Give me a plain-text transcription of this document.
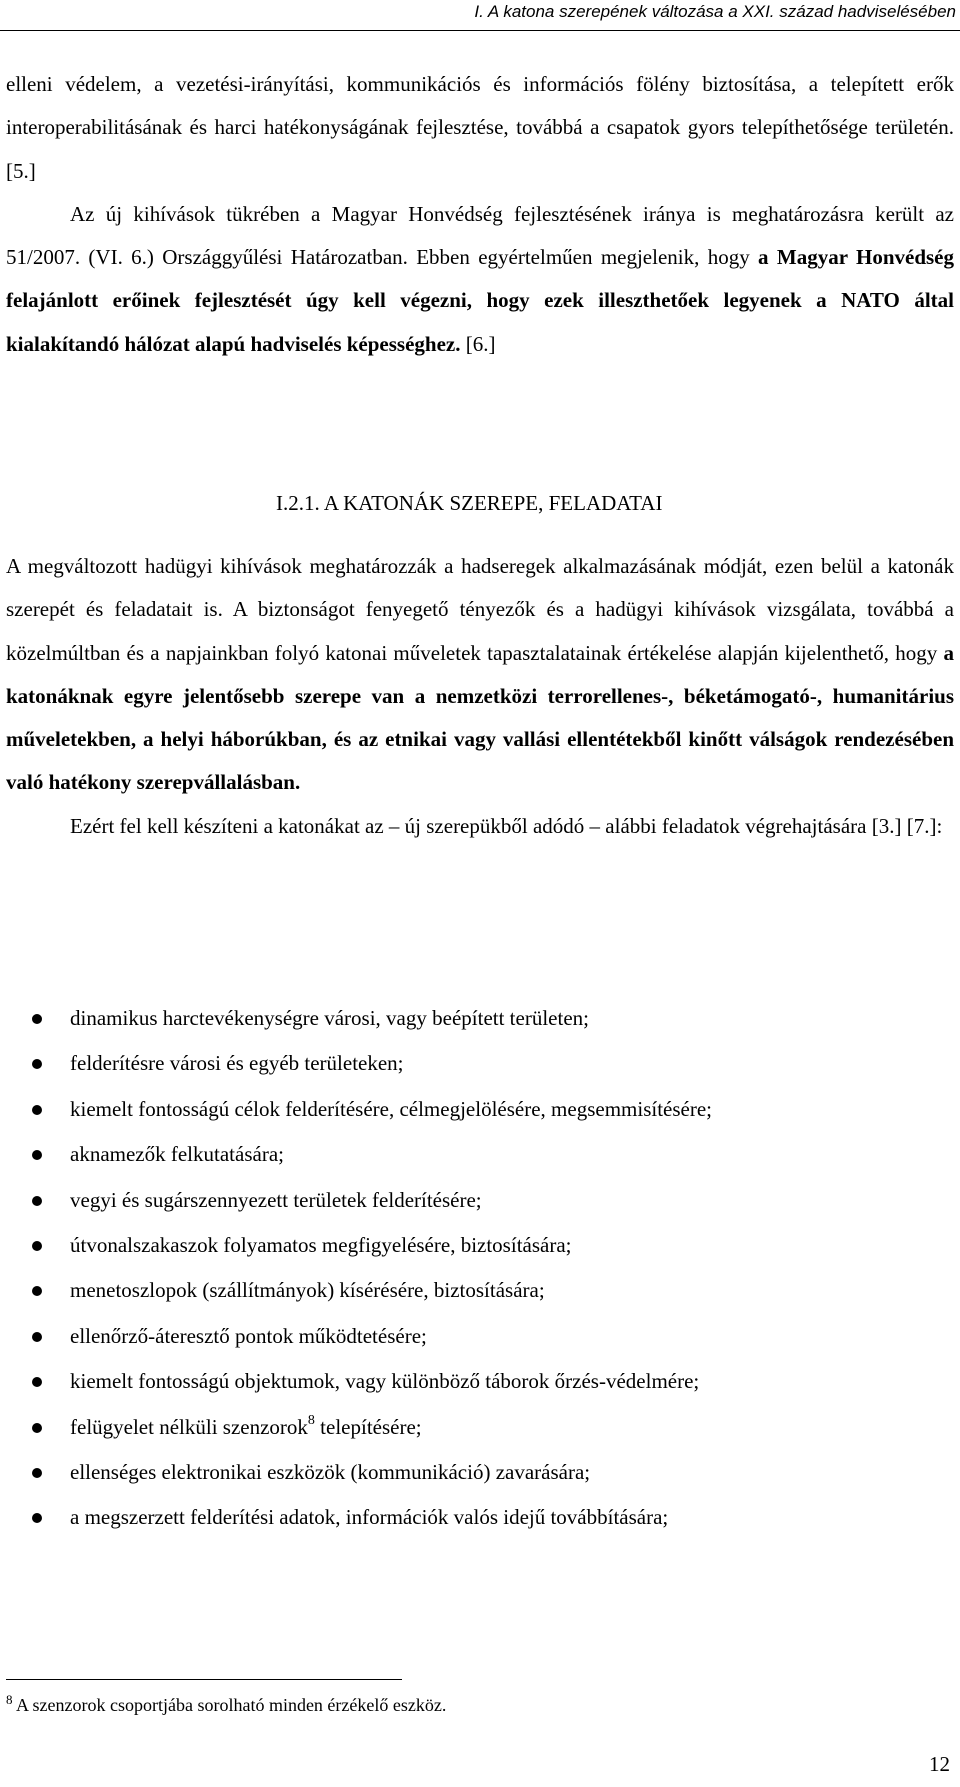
I. A katona szerepének változása a XXI. század hadviselésében

elleni védelem, a vezetési-irányítási, kommunikációs és információs fölény biztosítása, a telepített erők interoperabilitásának és harci hatékonyságának fejlesztése, továbbá a csapatok gyors telepíthetősége területén. [5.]

Az új kihívások tükrében a Magyar Honvédség fejlesztésének iránya is meghatározásra került az 51/2007. (VI. 6.) Országgyűlési Határozatban. Ebben egyértelműen megjelenik, hogy a Magyar Honvédség felajánlott erőinek fejlesztését úgy kell végezni, hogy ezek illeszthetőek legyenek a NATO által kialakítandó hálózat alapú hadviselés képességhez. [6.]

I.2.1. A KATONÁK SZEREPE, FELADATAI

A megváltozott hadügyi kihívások meghatározzák a hadseregek alkalmazásának módját, ezen belül a katonák szerepét és feladatait is. A biztonságot fenyegető tényezők és a hadügyi kihívások vizsgálata, továbbá a közelmúltban és a napjainkban folyó katonai műveletek tapasztalatainak értékelése alapján kijelenthető, hogy a katonáknak egyre jelentősebb szerepe van a nemzetközi terrorellenes-, béketámogató-, humanitárius műveletekben, a helyi háborúkban, és az etnikai vagy vallási ellentétekből kinőtt válságok rendezésében való hatékony szerepvállalásban.

Ezért fel kell készíteni a katonákat az – új szerepükből adódó – alábbi feladatok végrehajtására [3.] [7.]:

dinamikus harctevékenységre városi, vagy beépített területen;
felderítésre városi és egyéb területeken;
kiemelt fontosságú célok felderítésére, célmegjelölésére, megsemmisítésére;
aknamezők felkutatására;
vegyi és sugárszennyezett területek felderítésére;
útvonalszakaszok folyamatos megfigyelésére, biztosítására;
menetoszlopok (szállítmányok) kísérésére, biztosítására;
ellenőrző-áteresztő pontok működtetésére;
kiemelt fontosságú objektumok, vagy különböző táborok őrzés-védelmére;
felügyelet nélküli szenzorok$^8$ telepítésére;
ellenséges elektronikai eszközök (kommunikáció) zavarására;
a megszerzett felderítési adatok, információk valós idejű továbbítására;
$^8$ A szenzorok csoportjába sorolható minden érzékelő eszköz.
12
